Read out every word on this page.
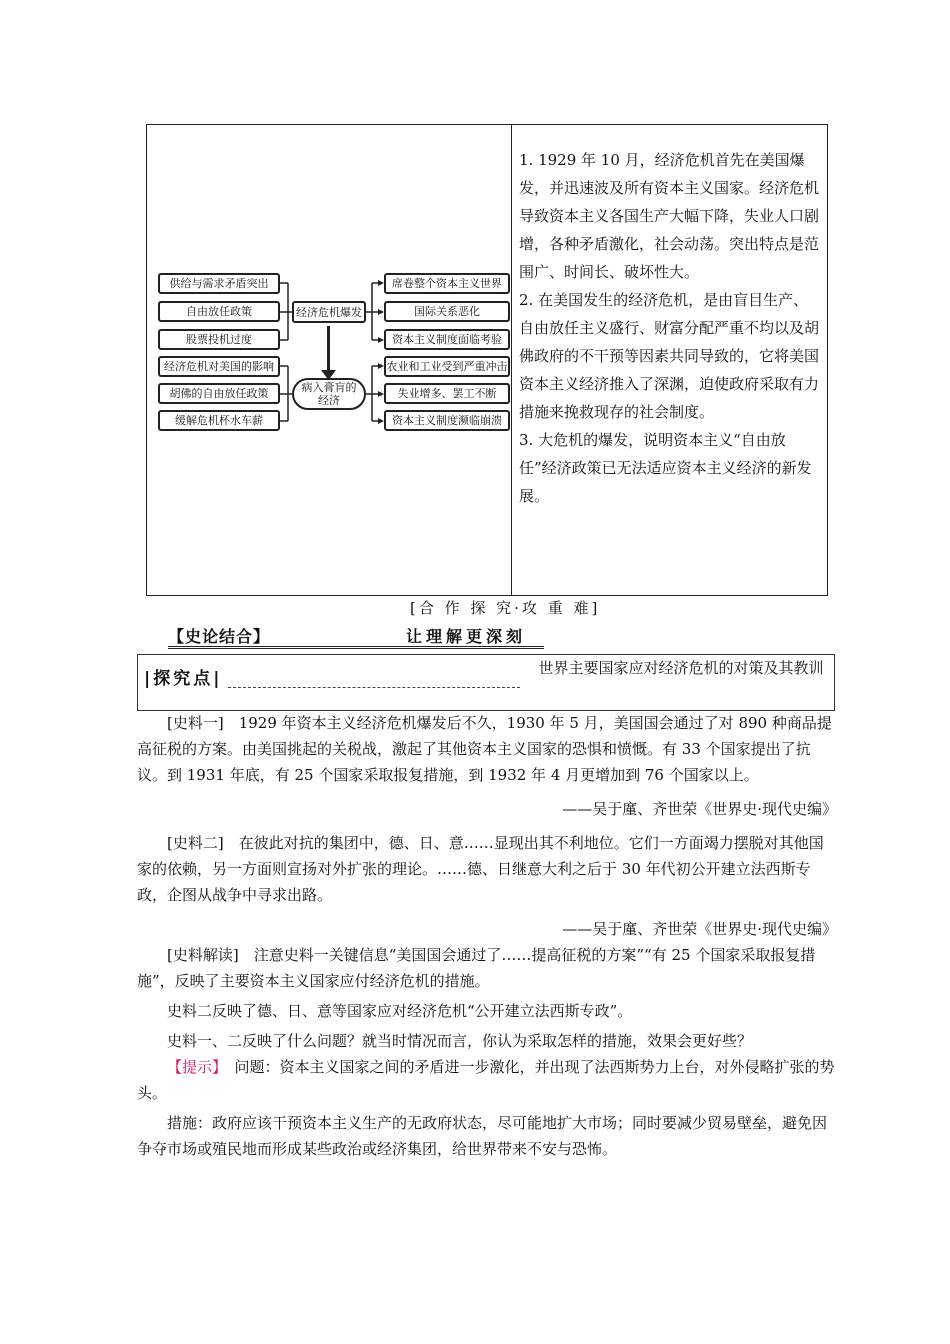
供给与需求矛盾突出
自由放任政策
股票投机过度
经济危机对美国的影响
胡佛的自由放任政策
缓解危机杯水车薪
经济危机爆发
病入膏肓的
经济
席卷整个资本主义世界
国际关系恶化
资本主义制度面临考验
农业和工业受到严重冲击
失业增多、罢工不断
资本主义制度濒临崩溃

1. 1929 年 10 月，经济危机首先在美国爆发，并迅速波及所有资本主义国家。经济危机导致资本主义各国生产大幅下降，失业人口剧增，各种矛盾激化，社会动荡。突出特点是范围广、时间长、破坏性大。

2. 在美国发生的经济危机，是由盲目生产、自由放任主义盛行、财富分配严重不均以及胡佛政府的不干预等因素共同导致的，它将美国资本主义经济推入了深渊，迫使政府采取有力措施来挽救现存的社会制度。

3. 大危机的爆发，说明资本主义“自由放任”经济政策已无法适应资本主义经济的新发展。

[合 作 探 究·攻 重 难]
【史论结合】	让理解更深刻
|探究点|
世界主要国家应对经济危机的对策及其教训

[史料一]　1929 年资本主义经济危机爆发后不久，1930 年 5 月，美国国会通过了对 890 种商品提高征税的方案。由美国挑起的关税战，激起了其他资本主义国家的恐惧和愤慨。有 33 个国家提出了抗议。到 1931 年底，有 25 个国家采取报复措施，到 1932 年 4 月更增加到 76 个国家以上。

——吴于廑、齐世荣《世界史·现代史编》

[史料二]　在彼此对抗的集团中，德、日、意……显现出其不利地位。它们一方面竭力摆脱对其他国家的依赖，另一方面则宣扬对外扩张的理论。……德、日继意大利之后于 30 年代初公开建立法西斯专政，企图从战争中寻求出路。

——吴于廑、齐世荣《世界史·现代史编》

[史料解读]　注意史料一关键信息“美国国会通过了……提高征税的方案”“有 25 个国家采取报复措施”，反映了主要资本主义国家应付经济危机的措施。

史料二反映了德、日、意等国家应对经济危机“公开建立法西斯专政”。

史料一、二反映了什么问题？就当时情况而言，你认为采取怎样的措施，效果会更好些？

【提示】　问题：资本主义国家之间的矛盾进一步激化，并出现了法西斯势力上台，对外侵略扩张的势头。

措施：政府应该干预资本主义生产的无政府状态，尽可能地扩大市场；同时要减少贸易壁垒，避免因争夺市场或殖民地而形成某些政治或经济集团，给世界带来不安与恐怖。
